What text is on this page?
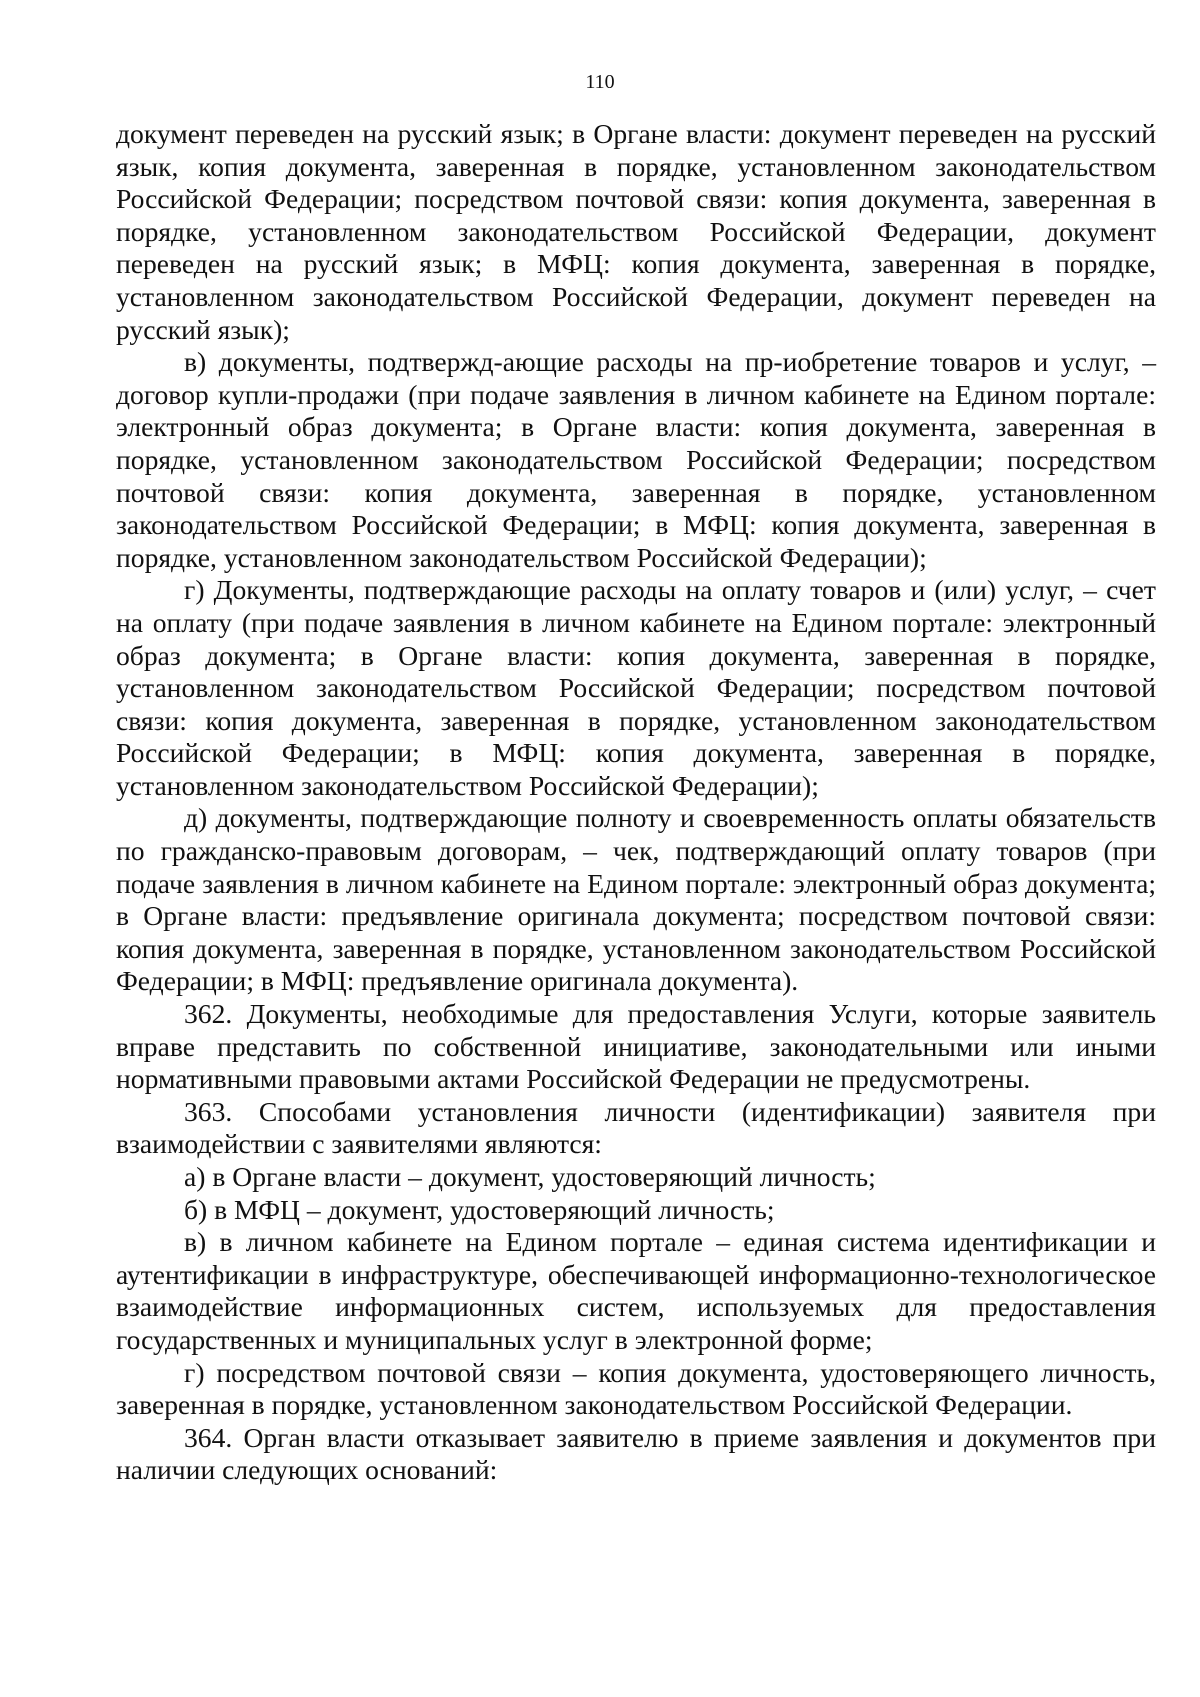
110

документ переведен на русский язык; в Органе власти: документ переведен на русский язык, копия документа, заверенная в порядке, установленном законодательством Российской Федерации; посредством почтовой связи: копия документа, заверенная в порядке, установленном законодательством Российской Федерации, документ переведен на русский язык; в МФЦ: копия документа, заверенная в порядке, установленном законодательством Российской Федерации, документ переведен на русский язык);

в) документы, подтвержд-ающие расходы на пр-иобретение товаров и услуг, – договор купли-продажи (при подаче заявления в личном кабинете на Едином портале: электронный образ документа; в Органе власти: копия документа, заверенная в порядке, установленном законодательством Российской Федерации; посредством почтовой связи: копия документа, заверенная в порядке, установленном законодательством Российской Федерации; в МФЦ: копия документа, заверенная в порядке, установленном законодательством Российской Федерации);

г) Документы, подтверждающие расходы на оплату товаров и (или) услуг, – счет на оплату (при подаче заявления в личном кабинете на Едином портале: электронный образ документа; в Органе власти: копия документа, заверенная в порядке, установленном законодательством Российской Федерации; посредством почтовой связи: копия документа, заверенная в порядке, установленном законодательством Российской Федерации; в МФЦ: копия документа, заверенная в порядке, установленном законодательством Российской Федерации);

д) документы, подтверждающие полноту и своевременность оплаты обязательств по гражданско-правовым договорам, – чек, подтверждающий оплату товаров (при подаче заявления в личном кабинете на Едином портале: электронный образ документа; в Органе власти: предъявление оригинала документа; посредством почтовой связи: копия документа, заверенная в порядке, установленном законодательством Российской Федерации; в МФЦ: предъявление оригинала документа).

362. Документы, необходимые для предоставления Услуги, которые заявитель вправе представить по собственной инициативе, законодательными или иными нормативными правовыми актами Российской Федерации не предусмотрены.

363. Способами установления личности (идентификации) заявителя при взаимодействии с заявителями являются:

а) в Органе власти – документ, удостоверяющий личность;

б) в МФЦ – документ, удостоверяющий личность;

в) в личном кабинете на Едином портале – единая система идентификации и аутентификации в инфраструктуре, обеспечивающей информационно-технологическое взаимодействие информационных систем, используемых для предоставления государственных и муниципальных услуг в электронной форме;

г) посредством почтовой связи – копия документа, удостоверяющего личность, заверенная в порядке, установленном законодательством Российской Федерации.

364. Орган власти отказывает заявителю в приеме заявления и документов при наличии следующих оснований:
